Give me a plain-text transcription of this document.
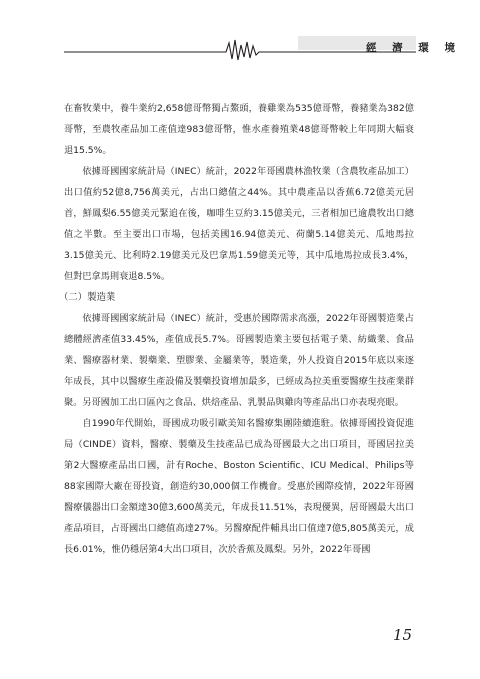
經 濟 環 境

在畜牧業中，養牛業約2,658億哥幣獨占鰲頭，養雞業為535億哥幣，養豬業為382億哥幣，至農牧產品加工產值達983億哥幣，惟水產養殖業48億哥幣較上年同期大幅衰退15.5%。

依據哥國國家統計局（INEC）統計，2022年哥國農林漁牧業（含農牧產品加工）出口值約52億8,756萬美元，占出口總值之44%。其中農產品以香蕉6.72億美元居首，鮮鳳梨6.55億美元緊追在後，咖啡生豆約3.15億美元，三者相加已逾農牧出口總值之半數。至主要出口市場，包括美國16.94億美元、荷蘭5.14億美元、瓜地馬拉3.15億美元、比利時2.19億美元及巴拿馬1.59億美元等，其中瓜地馬拉成長3.4%，但對巴拿馬則衰退8.5%。

（二）製造業

依據哥國國家統計局（INEC）統計，受惠於國際需求高漲，2022年哥國製造業占總體經濟產值33.45%，產值成長5.7%。哥國製造業主要包括電子業、紡織業、食品業、醫療器材業、製藥業、塑膠業、金屬業等，製造業，外人投資自2015年底以來逐年成長，其中以醫療生產設備及製藥投資增加最多，已經成為拉美重要醫療生技產業群聚。另哥國加工出口區內之食品、烘焙產品、乳製品與雞肉等產品出口亦表現亮眼。

自1990年代開始，哥國成功吸引歐美知名醫療集團陸續進駐。依據哥國投資促進局（CINDE）資料，醫療、製藥及生技產品已成為哥國最大之出口項目，哥國居拉美第2大醫療產品出口國，計有Roche、Boston Scientific、ICU Medical、Philips等88家國際大廠在哥投資，創造約30,000個工作機會。受惠於國際疫情，2022年哥國醫療儀器出口金額達30億3,600萬美元，年成長11.51%，表現優異，居哥國最大出口產品項目，占哥國出口總值高達27%。另醫療配件輔具出口值達7億5,805萬美元，成長6.01%，惟仍穩居第4大出口項目，次於香蕉及鳳梨。另外，2022年哥國

15
